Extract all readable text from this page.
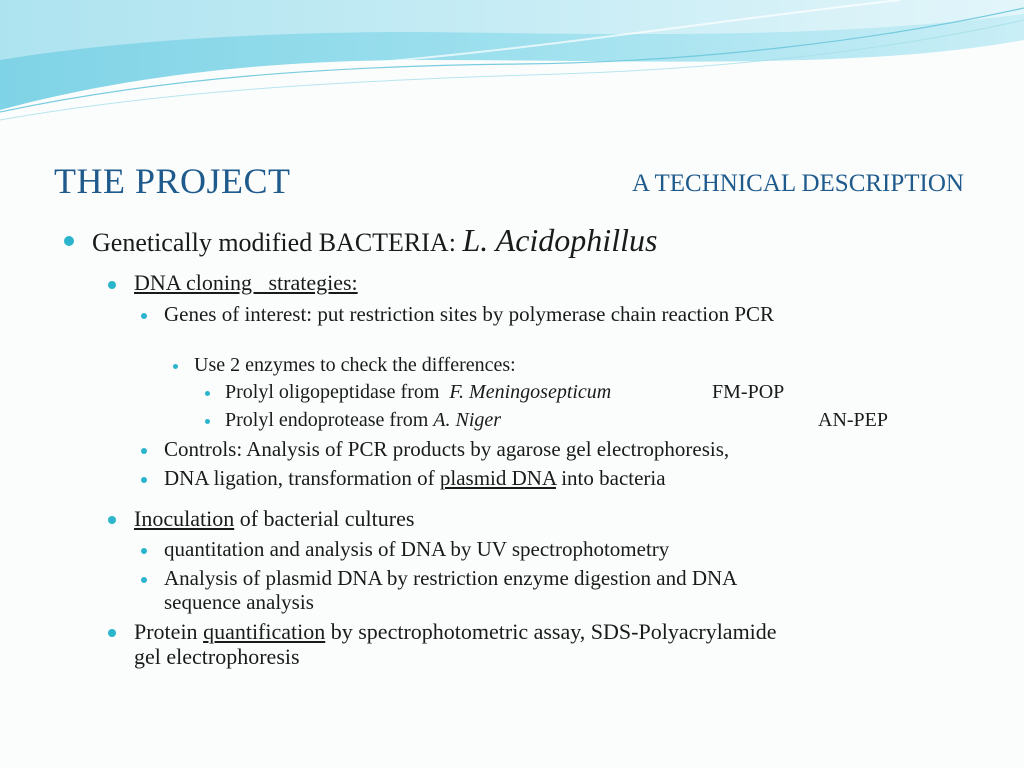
THE PROJECT	A TECHNICAL DESCRIPTION
Genetically modified BACTERIA: L. Acidophillus
DNA cloning   strategies:
Genes of interest: put restriction sites by polymerase chain reaction PCR
Use 2 enzymes to check the differences:
Prolyl oligopeptidase from  F. Meningosepticum	FM-POP
Prolyl endoprotease from A. Niger	AN-PEP
Controls: Analysis of PCR products by agarose gel electrophoresis,
DNA ligation, transformation of plasmid DNA into bacteria
Inoculation of bacterial cultures
quantitation and analysis of DNA by UV spectrophotometry
Analysis of plasmid DNA by restriction enzyme digestion and DNA
sequence analysis
Protein quantification by spectrophotometric assay, SDS-Polyacrylamide
gel electrophoresis
